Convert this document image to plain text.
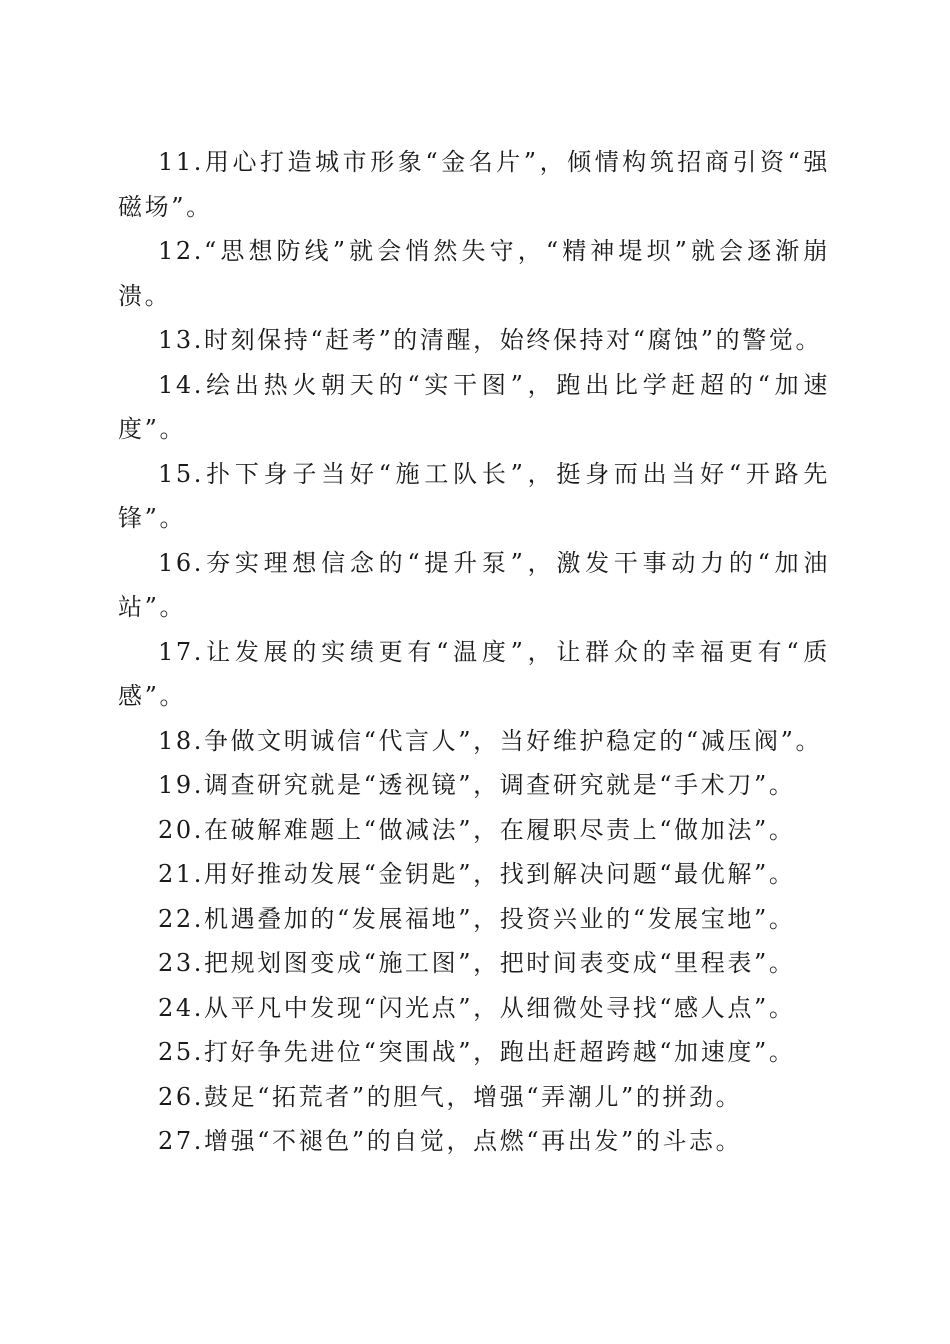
11.用心打造城市形象“金名片”，倾情构筑招商引资“强磁场”。

12.“思想防线”就会悄然失守，“精神堤坝”就会逐渐崩溃。

13.时刻保持“赶考”的清醒，始终保持对“腐蚀”的警觉。

14.绘出热火朝天的“实干图”，跑出比学赶超的“加速度”。

15.扑下身子当好“施工队长”，挺身而出当好“开路先锋”。

16.夯实理想信念的“提升泵”，激发干事动力的“加油站”。

17.让发展的实绩更有“温度”，让群众的幸福更有“质感”。

18.争做文明诚信“代言人”，当好维护稳定的“减压阀”。

19.调查研究就是“透视镜”，调查研究就是“手术刀”。

20.在破解难题上“做减法”，在履职尽责上“做加法”。

21.用好推动发展“金钥匙”，找到解决问题“最优解”。

22.机遇叠加的“发展福地”，投资兴业的“发展宝地”。

23.把规划图变成“施工图”，把时间表变成“里程表”。

24.从平凡中发现“闪光点”，从细微处寻找“感人点”。

25.打好争先进位“突围战”，跑出赶超跨越“加速度”。

26.鼓足“拓荒者”的胆气，增强“弄潮儿”的拼劲。

27.增强“不褪色”的自觉，点燃“再出发”的斗志。
